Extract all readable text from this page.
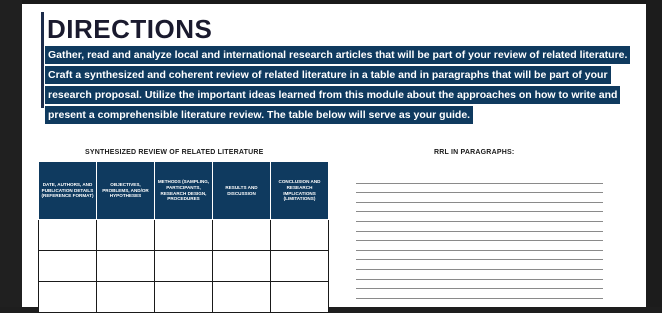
DIRECTIONS
Gather, read and analyze local and international research articles that will be part of your review of related literature.
Craft a synthesized and coherent review of related literature in a table and in paragraphs that will be part of your
research proposal. Utilize the important ideas learned from this module about the approaches on how to write and
present a comprehensible literature review. The table below will serve as your guide.
SYNTHESIZED REVIEW OF RELATED LITERATURE	RRL IN PARAGRAPHS:
DATE, AUTHORS, AND PUBLICATION DETAILS (REFERENCE FORMAT)	OBJECTIVES, PROBLEMS, AND/OR HYPOTHESES	METHODS (SAMPLING, PARTICIPANTS, RESEARCH DESIGN, PROCEDURES	RESULTS AND DISCUSSION	CONCLUSION AND RESEARCH IMPLICATIONS (LIMITATIONS)
